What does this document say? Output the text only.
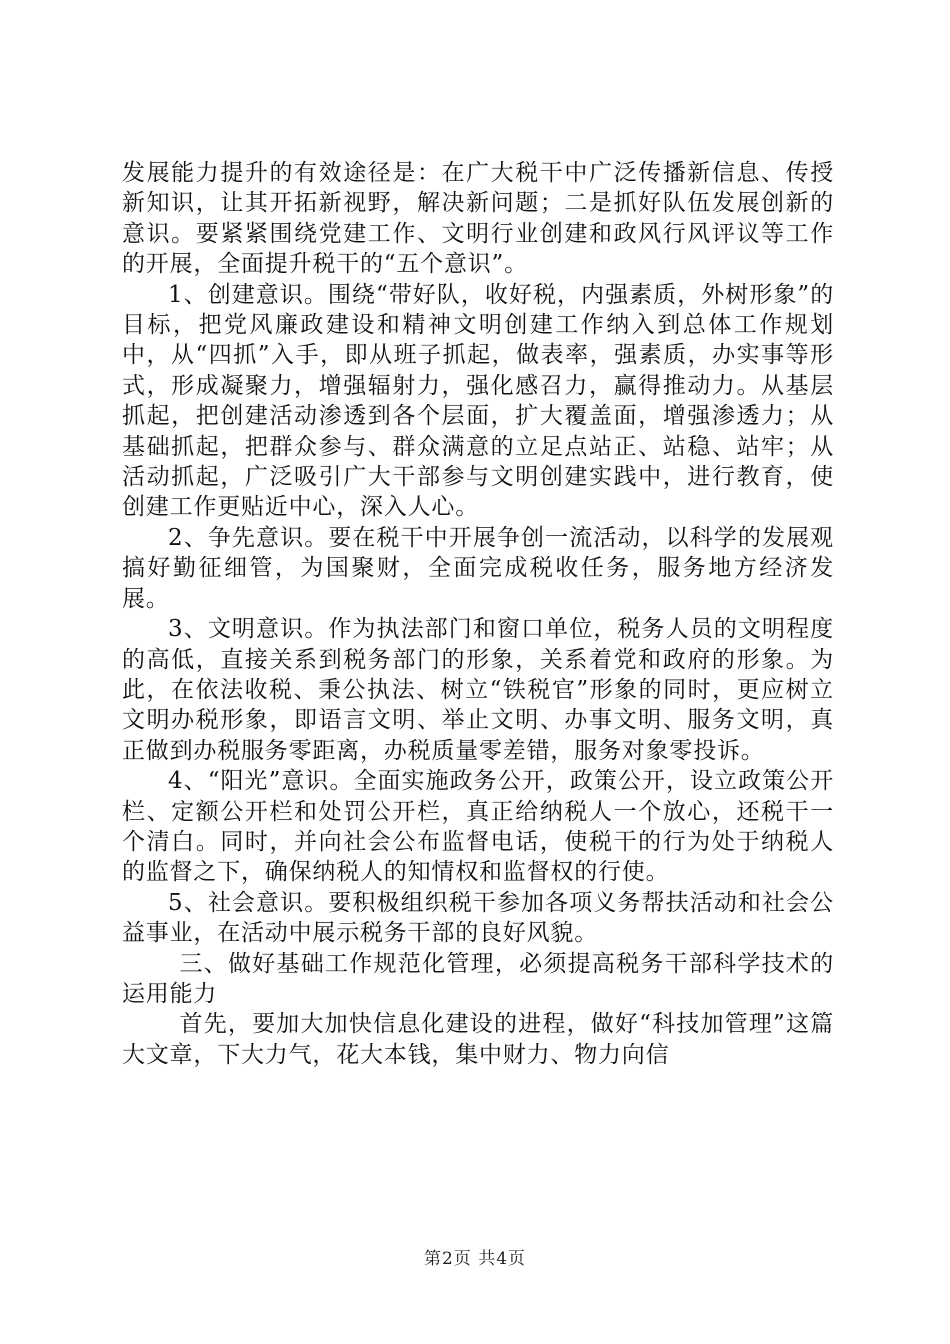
发展能力提升的有效途径是：在广大税干中广泛传播新信息、传授新知识，让其开拓新视野，解决新问题；二是抓好队伍发展创新的意识。要紧紧围绕党建工作、文明行业创建和政风行风评议等工作的开展，全面提升税干的“五个意识”。

1、创建意识。围绕“带好队，收好税，内强素质，外树形象”的目标，把党风廉政建设和精神文明创建工作纳入到总体工作规划中，从“四抓”入手，即从班子抓起，做表率，强素质，办实事等形式，形成凝聚力，增强辐射力，强化感召力，赢得推动力。从基层抓起，把创建活动渗透到各个层面，扩大覆盖面，增强渗透力；从基础抓起，把群众参与、群众满意的立足点站正、站稳、站牢；从活动抓起，广泛吸引广大干部参与文明创建实践中，进行教育，使创建工作更贴近中心，深入人心。

2、争先意识。要在税干中开展争创一流活动，以科学的发展观搞好勤征细管，为国聚财，全面完成税收任务，服务地方经济发展。

3、文明意识。作为执法部门和窗口单位，税务人员的文明程度的高低，直接关系到税务部门的形象，关系着党和政府的形象。为此，在依法收税、秉公执法、树立“铁税官”形象的同时，更应树立文明办税形象，即语言文明、举止文明、办事文明、服务文明，真正做到办税服务零距离，办税质量零差错，服务对象零投诉。

4、“阳光”意识。全面实施政务公开，政策公开，设立政策公开栏、定额公开栏和处罚公开栏，真正给纳税人一个放心，还税干一个清白。同时，并向社会公布监督电话，使税干的行为处于纳税人的监督之下，确保纳税人的知情权和监督权的行使。

5、社会意识。要积极组织税干参加各项义务帮扶活动和社会公益事业，在活动中展示税务干部的良好风貌。

三、做好基础工作规范化管理，必须提高税务干部科学技术的运用能力

首先，要加大加快信息化建设的进程，做好“科技加管理”这篇大文章，下大力气，花大本钱，集中财力、物力向信

第2页 共4页
